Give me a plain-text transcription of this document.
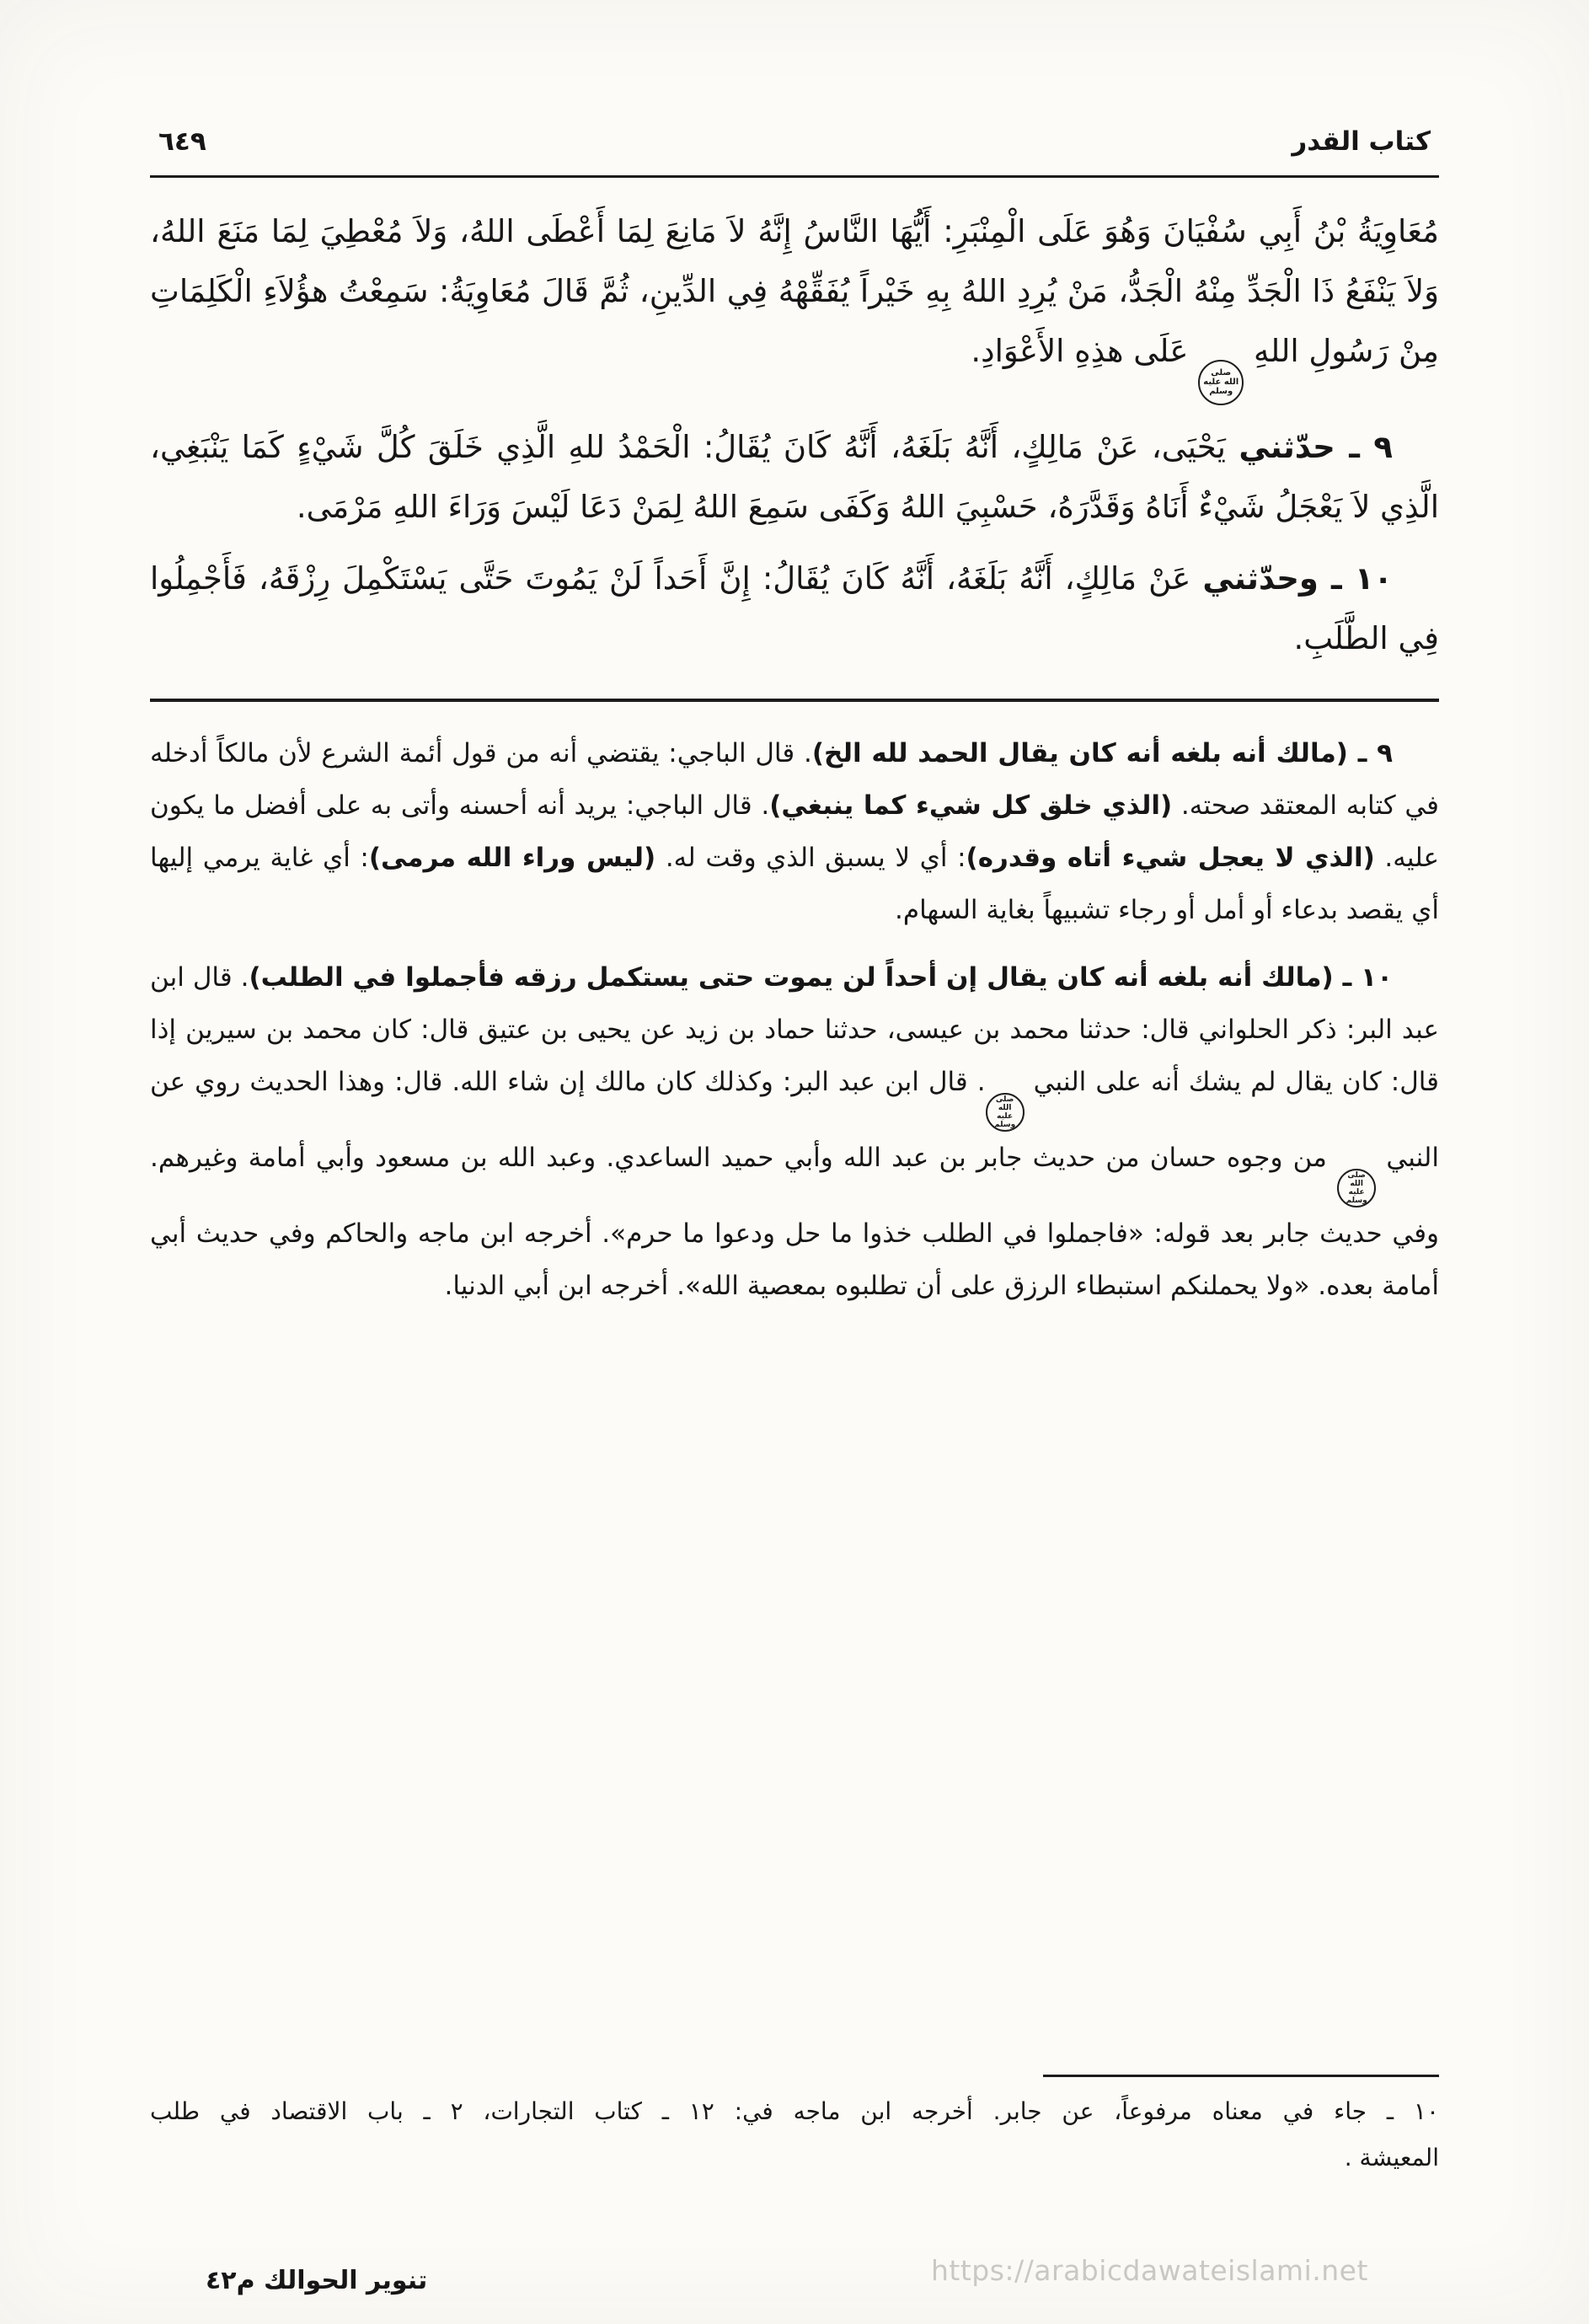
كتاب القدر
٦٤٩

مُعَاوِيَةُ بْنُ أَبِي سُفْيَانَ وَهُوَ عَلَى الْمِنْبَرِ: أَيُّهَا النَّاسُ إِنَّهُ لاَ مَانِعَ لِمَا أَعْطَى اللهُ، وَلاَ مُعْطِيَ لِمَا مَنَعَ اللهُ، وَلاَ يَنْفَعُ ذَا الْجَدِّ مِنْهُ الْجَدُّ، مَنْ يُرِدِ اللهُ بِهِ خَيْراً يُفَقِّهْهُ فِي الدِّينِ، ثُمَّ قَالَ مُعَاوِيَةُ: سَمِعْتُ هؤُلاَءِ الْكَلِمَاتِ مِنْ رَسُولِ اللهِ صلى الله عليه وسلم عَلَى هذِهِ الأَعْوَادِ.

٩ ـ حدّثني يَحْيَى، عَنْ مَالِكٍ، أَنَّهُ بَلَغَهُ، أَنَّهُ كَانَ يُقَالُ: الْحَمْدُ للهِ الَّذِي خَلَقَ كُلَّ شَيْءٍ كَمَا يَنْبَغِي، الَّذِي لاَ يَعْجَلُ شَيْءٌ أَنَاهُ وَقَدَّرَهُ، حَسْبِيَ اللهُ وَكَفَى سَمِعَ اللهُ لِمَنْ دَعَا لَيْسَ وَرَاءَ اللهِ مَرْمَى.

١٠ ـ وحدّثني عَنْ مَالِكٍ، أَنَّهُ بَلَغَهُ، أَنَّهُ كَانَ يُقَالُ: إِنَّ أَحَداً لَنْ يَمُوتَ حَتَّى يَسْتَكْمِلَ رِزْقَهُ، فَأَجْمِلُوا فِي الطَّلَبِ.

٩ ـ (مالك أنه بلغه أنه كان يقال الحمد لله الخ). قال الباجي: يقتضي أنه من قول أئمة الشرع لأن مالكاً أدخله في كتابه المعتقد صحته. (الذي خلق كل شيء كما ينبغي). قال الباجي: يريد أنه أحسنه وأتى به على أفضل ما يكون عليه. (الذي لا يعجل شيء أتاه وقدره): أي لا يسبق الذي وقت له. (ليس وراء الله مرمى): أي غاية يرمي إليها أي يقصد بدعاء أو أمل أو رجاء تشبيهاً بغاية السهام.

١٠ ـ (مالك أنه بلغه أنه كان يقال إن أحداً لن يموت حتى يستكمل رزقه فأجملوا في الطلب). قال ابن عبد البر: ذكر الحلواني قال: حدثنا محمد بن عيسى، حدثنا حماد بن زيد عن يحيى بن عتيق قال: كان محمد بن سيرين إذا قال: كان يقال لم يشك أنه على النبي صلى الله عليه وسلم. قال ابن عبد البر: وكذلك كان مالك إن شاء الله. قال: وهذا الحديث روي عن النبي صلى الله عليه وسلم من وجوه حسان من حديث جابر بن عبد الله وأبي حميد الساعدي. وعبد الله بن مسعود وأبي أمامة وغيرهم. وفي حديث جابر بعد قوله: «فاجملوا في الطلب خذوا ما حل ودعوا ما حرم». أخرجه ابن ماجه والحاكم وفي حديث أبي أمامة بعده. «ولا يحملنكم استبطاء الرزق على أن تطلبوه بمعصية الله». أخرجه ابن أبي الدنيا.

١٠ ـ جاء في معناه مرفوعاً، عن جابر. أخرجه ابن ماجه في: ١٢ ـ كتاب التجارات، ٢ ـ باب الاقتصاد في طلب

المعيشة .

تنوير الحوالك م٤٢	https://arabicdawateislami.net
